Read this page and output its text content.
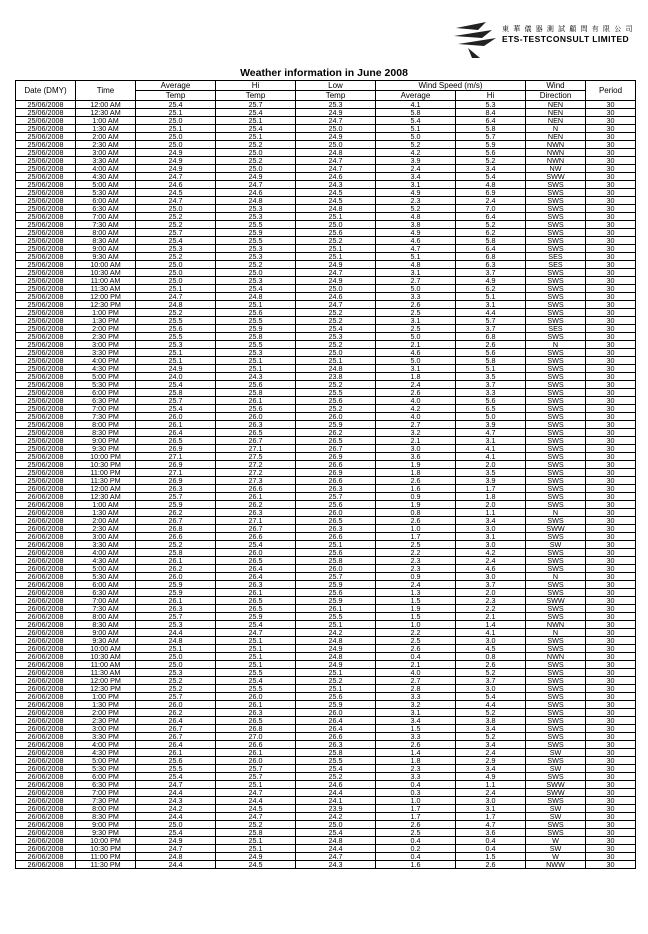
東 華 儀 器 測 試 顧 問 有 限 公 司
ETS-TESTCONSULT LIMITED
Weather information in June 2008
Date (DMY)	Time	Average	Hi	Low	Wind Speed (m/s)		Wind	Period
		Temp	Temp	Temp	Average	Hi	Direction	
25/06/2008	12:00 AM	25.4	25.7	25.3	4.1	5.3	NEN	30
25/06/2008	12:30 AM	25.1	25.4	24.9	5.8	8.4	NEN	30
25/06/2008	1:00 AM	25.0	25.1	24.7	5.4	6.4	NEN	30
25/06/2008	1:30 AM	25.1	25.4	25.0	5.1	5.8	N	30
25/06/2008	2:00 AM	25.0	25.1	24.9	5.0	5.7	NEN	30
25/06/2008	2:30 AM	25.0	25.2	25.0	5.2	5.9	NWN	30
25/06/2008	3:00 AM	24.9	25.0	24.8	4.2	5.6	NWN	30
25/06/2008	3:30 AM	24.9	25.2	24.7	3.9	5.2	NWN	30
25/06/2008	4:00 AM	24.9	25.0	24.7	2.4	3.4	NW	30
25/06/2008	4:30 AM	24.7	24.9	24.6	3.4	5.4	SWW	30
25/06/2008	5:00 AM	24.6	24.7	24.3	3.1	4.8	SWS	30
25/06/2008	5:30 AM	24.5	24.6	24.5	4.9	6.9	SWS	30
25/06/2008	6:00 AM	24.7	24.8	24.5	2.3	2.4	SWS	30
25/06/2008	6:30 AM	25.0	25.3	24.8	5.2	7.0	SWS	30
25/06/2008	7:00 AM	25.2	25.3	25.1	4.8	6.4	SWS	30
25/06/2008	7:30 AM	25.2	25.5	25.0	3.8	5.2	SWS	30
25/06/2008	8:00 AM	25.7	25.9	25.6	4.9	6.2	SWS	30
25/06/2008	8:30 AM	25.4	25.5	25.2	4.6	5.8	SWS	30
25/06/2008	9:00 AM	25.3	25.3	25.1	4.7	6.4	SWS	30
25/06/2008	9:30 AM	25.2	25.3	25.1	5.1	6.8	SES	30
25/06/2008	10:00 AM	25.0	25.2	24.9	4.8	6.3	SES	30
25/06/2008	10:30 AM	25.0	25.0	24.7	3.1	3.7	SWS	30
25/06/2008	11:00 AM	25.0	25.3	24.9	2.7	4.9	SWS	30
25/06/2008	11:30 AM	25.1	25.4	25.0	5.0	6.2	SWS	30
25/06/2008	12:00 PM	24.7	24.8	24.6	3.3	5.1	SWS	30
25/06/2008	12:30 PM	24.8	25.1	24.7	2.6	3.1	SWS	30
25/06/2008	1:00 PM	25.2	25.6	25.2	2.5	4.4	SWS	30
25/06/2008	1:30 PM	25.5	25.5	25.2	3.1	5.7	SWS	30
25/06/2008	2:00 PM	25.6	25.9	25.4	2.5	3.7	SES	30
25/06/2008	2:30 PM	25.5	25.8	25.3	5.0	6.8	SWS	30
25/06/2008	3:00 PM	25.3	25.5	25.2	2.1	2.6	N	30
25/06/2008	3:30 PM	25.1	25.3	25.0	4.6	5.6	SWS	30
25/06/2008	4:00 PM	25.1	25.1	25.1	5.0	5.8	SWS	30
25/06/2008	4:30 PM	24.9	25.1	24.8	3.1	5.1	SWS	30
25/06/2008	5:00 PM	24.0	24.3	23.8	1.8	3.5	SWS	30
25/06/2008	5:30 PM	25.4	25.6	25.2	2.4	3.7	SWS	30
25/06/2008	6:00 PM	25.8	25.8	25.5	2.6	3.3	SWS	30
25/06/2008	6:30 PM	25.7	26.1	25.6	4.0	5.6	SWS	30
25/06/2008	7:00 PM	25.4	25.6	25.2	4.2	6.5	SWS	30
25/06/2008	7:30 PM	26.0	26.0	26.0	4.0	5.0	SWS	30
25/06/2008	8:00 PM	26.1	26.3	25.9	2.7	3.9	SWS	30
25/06/2008	8:30 PM	26.4	26.5	26.2	3.2	4.7	SWS	30
25/06/2008	9:00 PM	26.5	26.7	26.5	2.1	3.1	SWS	30
25/06/2008	9:30 PM	26.9	27.1	26.7	3.0	4.1	SWS	30
25/06/2008	10:00 PM	27.1	27.5	26.9	3.6	4.1	SWS	30
25/06/2008	10:30 PM	26.9	27.2	26.6	1.9	2.0	SWS	30
25/06/2008	11:00 PM	27.1	27.2	26.9	1.8	3.5	SWS	30
25/06/2008	11:30 PM	26.9	27.3	26.6	2.6	3.9	SWS	30
26/06/2008	12:00 AM	26.3	26.6	26.3	1.6	1.7	SWS	30
26/06/2008	12:30 AM	25.7	26.1	25.7	0.9	1.8	SWS	30
26/06/2008	1:00 AM	25.9	26.2	25.6	1.9	2.0	SWS	30
26/06/2008	1:30 AM	26.2	26.3	26.0	0.8	1.1	N	30
26/06/2008	2:00 AM	26.7	27.1	26.5	2.6	3.4	SWS	30
26/06/2008	2:30 AM	26.8	26.7	26.3	1.0	3.0	SWW	30
26/06/2008	3:00 AM	26.6	26.6	26.6	1.7	3.1	SWS	30
26/06/2008	3:30 AM	25.2	25.4	25.1	2.5	3.0	SW	30
26/06/2008	4:00 AM	25.8	26.0	25.6	2.2	4.2	SWS	30
26/06/2008	4:30 AM	26.1	26.5	25.8	2.3	2.4	SWS	30
26/06/2008	5:00 AM	26.2	26.4	26.0	2.3	4.6	SWS	30
26/06/2008	5:30 AM	26.0	26.4	25.7	0.9	3.0	N	30
26/06/2008	6:00 AM	25.9	26.3	25.9	2.4	3.7	SWS	30
26/06/2008	6:30 AM	25.9	26.1	25.6	1.3	2.0	SWS	30
26/06/2008	7:00 AM	26.1	26.5	25.9	1.5	2.3	SWW	30
26/06/2008	7:30 AM	26.3	26.5	26.1	1.9	2.2	SWS	30
26/06/2008	8:00 AM	25.7	25.9	25.5	1.5	2.1	SWS	30
26/06/2008	8:30 AM	25.3	25.4	25.1	1.0	1.4	NWN	30
26/06/2008	9:00 AM	24.4	24.7	24.2	2.2	4.1	N	30
26/06/2008	9:30 AM	24.8	25.1	24.8	2.5	3.0	SWS	30
26/06/2008	10:00 AM	25.1	25.1	24.9	2.6	4.5	SWS	30
26/06/2008	10:30 AM	25.0	25.1	24.8	0.4	0.8	NWN	30
26/06/2008	11:00 AM	25.0	25.1	24.9	2.1	2.6	SWS	30
26/06/2008	11:30 AM	25.3	25.5	25.1	4.0	5.2	SWS	30
26/06/2008	12:00 PM	25.2	25.4	25.2	2.7	3.7	SWS	30
26/06/2008	12:30 PM	25.2	25.5	25.1	2.8	3.0	SWS	30
26/06/2008	1:00 PM	25.7	26.0	25.6	3.3	5.4	SWS	30
26/06/2008	1:30 PM	26.0	26.1	25.9	3.2	4.4	SWS	30
26/06/2008	2:00 PM	26.2	26.3	26.0	3.1	5.2	SWS	30
26/06/2008	2:30 PM	26.4	26.5	26.4	3.4	3.8	SWS	30
26/06/2008	3:00 PM	26.7	26.8	26.4	1.5	3.4	SWS	30
26/06/2008	3:30 PM	26.7	27.0	26.6	3.3	5.2	SWS	30
26/06/2008	4:00 PM	26.4	26.6	26.3	2.6	3.4	SWS	30
26/06/2008	4:30 PM	26.1	26.1	25.8	1.4	2.4	SW	30
26/06/2008	5:00 PM	25.6	26.0	25.5	1.8	2.9	SWS	30
26/06/2008	5:30 PM	25.5	25.7	25.4	2.3	3.4	SW	30
26/06/2008	6:00 PM	25.4	25.7	25.2	3.3	4.9	SWS	30
26/06/2008	6:30 PM	24.7	25.1	24.6	0.4	1.1	SWW	30
26/06/2008	7:00 PM	24.4	24.7	24.4	0.3	2.4	SWW	30
26/06/2008	7:30 PM	24.3	24.4	24.1	1.0	3.0	SWS	30
26/06/2008	8:00 PM	24.2	24.5	23.9	1.7	3.1	SW	30
26/06/2008	8:30 PM	24.4	24.7	24.2	1.7	1.7	SW	30
26/06/2008	9:00 PM	25.0	25.2	25.0	2.6	4.7	SWS	30
26/06/2008	9:30 PM	25.4	25.8	25.4	2.5	3.6	SWS	30
26/06/2008	10:00 PM	24.9	25.1	24.8	0.4	0.4	W	30
26/06/2008	10:30 PM	24.7	25.1	24.4	0.2	0.4	SW	30
26/06/2008	11:00 PM	24.8	24.9	24.7	0.4	1.5	W	30
26/06/2008	11:30 PM	24.4	24.5	24.3	1.6	2.6	NWW	30
